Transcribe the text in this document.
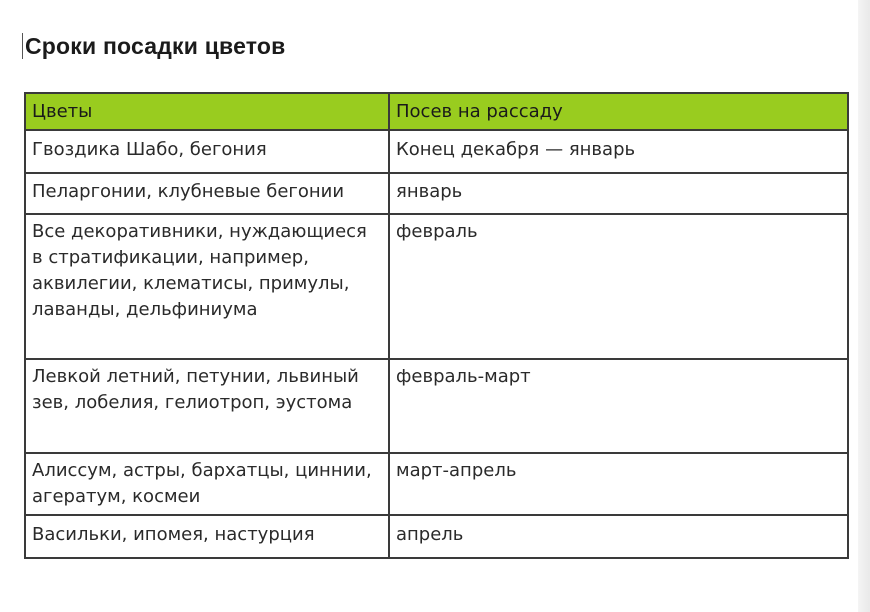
Сроки посадки цветов
Цветы	Посев на рассаду
Гвоздика Шабо, бегония	Конец декабря — январь
Пеларгонии, клубневые бегонии	январь
Все декоративники, нуждающиеся в стратификации, например, аквилегии, клематисы, примулы, лаванды, дельфиниума	февраль
Левкой летний, петунии, львиный зев, лобелия, гелиотроп, эустома	февраль-март
Алиссум, астры, бархатцы, циннии, агератум, космеи	март-апрель
Васильки, ипомея, настурция	апрель
